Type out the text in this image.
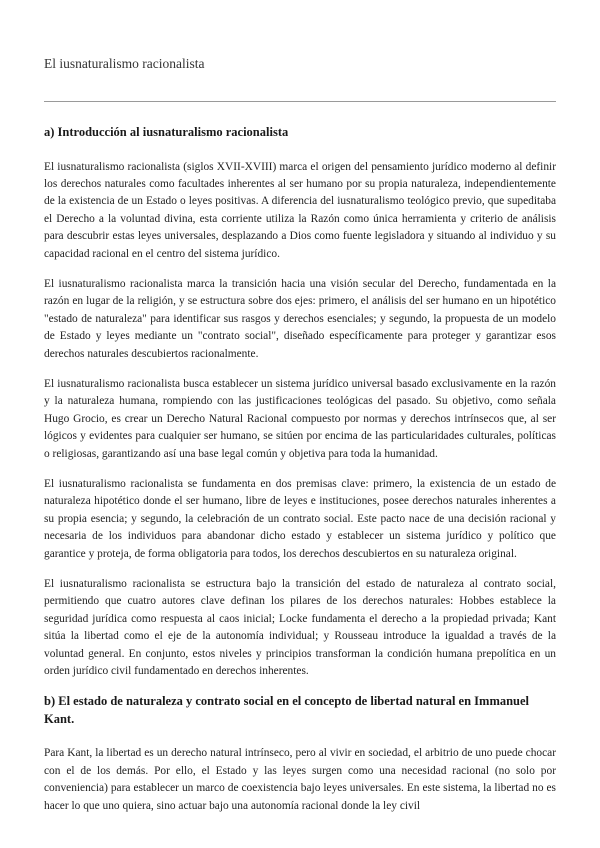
El iusnaturalismo racionalista
a) Introducción al iusnaturalismo racionalista

El iusnaturalismo racionalista (siglos XVII-XVIII) marca el origen del pensamiento jurídico moderno al definir los derechos naturales como facultades inherentes al ser humano por su propia naturaleza, independientemente de la existencia de un Estado o leyes positivas. A diferencia del iusnaturalismo teológico previo, que supeditaba el Derecho a la voluntad divina, esta corriente utiliza la Razón como única herramienta y criterio de análisis para descubrir estas leyes universales, desplazando a Dios como fuente legisladora y situando al individuo y su capacidad racional en el centro del sistema jurídico.

El iusnaturalismo racionalista marca la transición hacia una visión secular del Derecho, fundamentada en la razón en lugar de la religión, y se estructura sobre dos ejes: primero, el análisis del ser humano en un hipotético "estado de naturaleza" para identificar sus rasgos y derechos esenciales; y segundo, la propuesta de un modelo de Estado y leyes mediante un "contrato social", diseñado específicamente para proteger y garantizar esos derechos naturales descubiertos racionalmente.

El iusnaturalismo racionalista busca establecer un sistema jurídico universal basado exclusivamente en la razón y la naturaleza humana, rompiendo con las justificaciones teológicas del pasado. Su objetivo, como señala Hugo Grocio, es crear un Derecho Natural Racional compuesto por normas y derechos intrínsecos que, al ser lógicos y evidentes para cualquier ser humano, se sitúen por encima de las particularidades culturales, políticas o religiosas, garantizando así una base legal común y objetiva para toda la humanidad.

El iusnaturalismo racionalista se fundamenta en dos premisas clave: primero, la existencia de un estado de naturaleza hipotético donde el ser humano, libre de leyes e instituciones, posee derechos naturales inherentes a su propia esencia; y segundo, la celebración de un contrato social. Este pacto nace de una decisión racional y necesaria de los individuos para abandonar dicho estado y establecer un sistema jurídico y político que garantice y proteja, de forma obligatoria para todos, los derechos descubiertos en su naturaleza original.

El iusnaturalismo racionalista se estructura bajo la transición del estado de naturaleza al contrato social, permitiendo que cuatro autores clave definan los pilares de los derechos naturales: Hobbes establece la seguridad jurídica como respuesta al caos inicial; Locke fundamenta el derecho a la propiedad privada; Kant sitúa la libertad como el eje de la autonomía individual; y Rousseau introduce la igualdad a través de la voluntad general. En conjunto, estos niveles y principios transforman la condición humana prepolítica en un orden jurídico civil fundamentado en derechos inherentes.

b) El estado de naturaleza y contrato social en el concepto de libertad natural en Immanuel Kant.

Para Kant, la libertad es un derecho natural intrínseco, pero al vivir en sociedad, el arbitrio de uno puede chocar con el de los demás. Por ello, el Estado y las leyes surgen como una necesidad racional (no solo por conveniencia) para establecer un marco de coexistencia bajo leyes universales. En este sistema, la libertad no es hacer lo que uno quiera, sino actuar bajo una autonomía racional donde la ley civil
